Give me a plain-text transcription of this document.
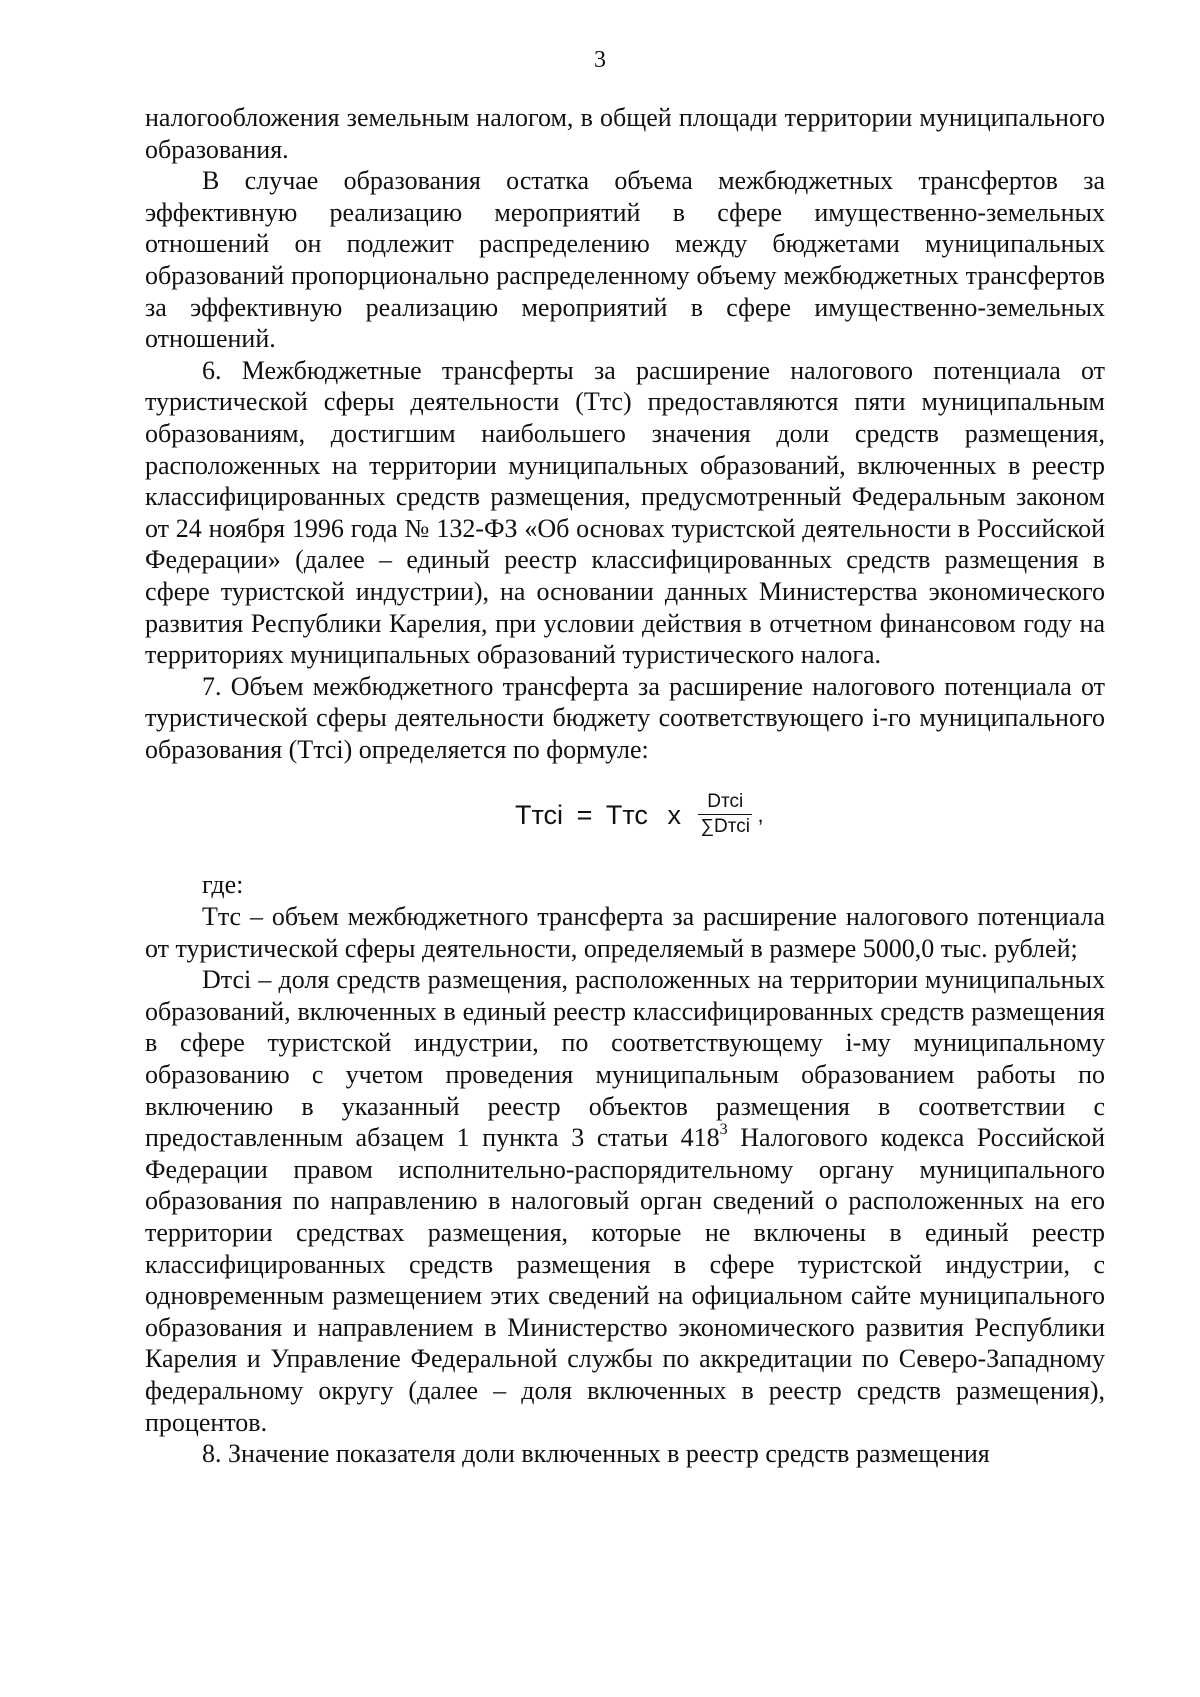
3

налогообложения земельным налогом, в общей площади территории муниципального образования.

В случае образования остатка объема межбюджетных трансфертов за эффективную реализацию мероприятий в сфере имущественно-земельных отношений он подлежит распределению между бюджетами муниципальных образований пропорционально распределенному объему межбюджетных трансфертов за эффективную реализацию мероприятий в сфере имущественно-земельных отношений.

6. Межбюджетные трансферты за расширение налогового потенциала от туристической сферы деятельности (Ттс) предоставляются пяти муниципальным образованиям, достигшим наибольшего значения доли средств размещения, расположенных на территории муниципальных образований, включенных в реестр классифицированных средств размещения, предусмотренный Федеральным законом от 24 ноября 1996 года № 132-ФЗ «Об основах туристской деятельности в Российской Федерации» (далее – единый реестр классифицированных средств размещения в сфере туристской индустрии), на основании данных Министерства экономического развития Республики Карелия, при условии действия в отчетном финансовом году на территориях муниципальных образований туристического налога.

7. Объем межбюджетного трансферта за расширение налогового потенциала от туристической сферы деятельности бюджету соответствующего i-го муниципального образования (Ттсi) определяется по формуле:

Ттсi = Ттс х $\frac{\text{Dтсi}}{\text{∑Dтсi}}$ ,

где:

Ттс – объем межбюджетного трансферта за расширение налогового потенциала от туристической сферы деятельности, определяемый в размере 5000,0 тыс. рублей;

Dтсi – доля средств размещения, расположенных на территории муниципальных образований, включенных в единый реестр классифицированных средств размещения в сфере туристской индустрии, по соответствующему i-му муниципальному образованию с учетом проведения муниципальным образованием работы по включению в указанный реестр объектов размещения в соответствии с предоставленным абзацем 1 пункта 3 статьи $418^3$ Налогового кодекса Российской Федерации правом исполнительно-распорядительному органу муниципального образования по направлению в налоговый орган сведений о расположенных на его территории средствах размещения, которые не включены в единый реестр классифицированных средств размещения в сфере туристской индустрии, с одновременным размещением этих сведений на официальном сайте муниципального образования и направлением в Министерство экономического развития Республики Карелия и Управление Федеральной службы по аккредитации по Северо-Западному федеральному округу (далее – доля включенных в реестр средств размещения), процентов.

8. Значение показателя доли включенных в реестр средств размещения
